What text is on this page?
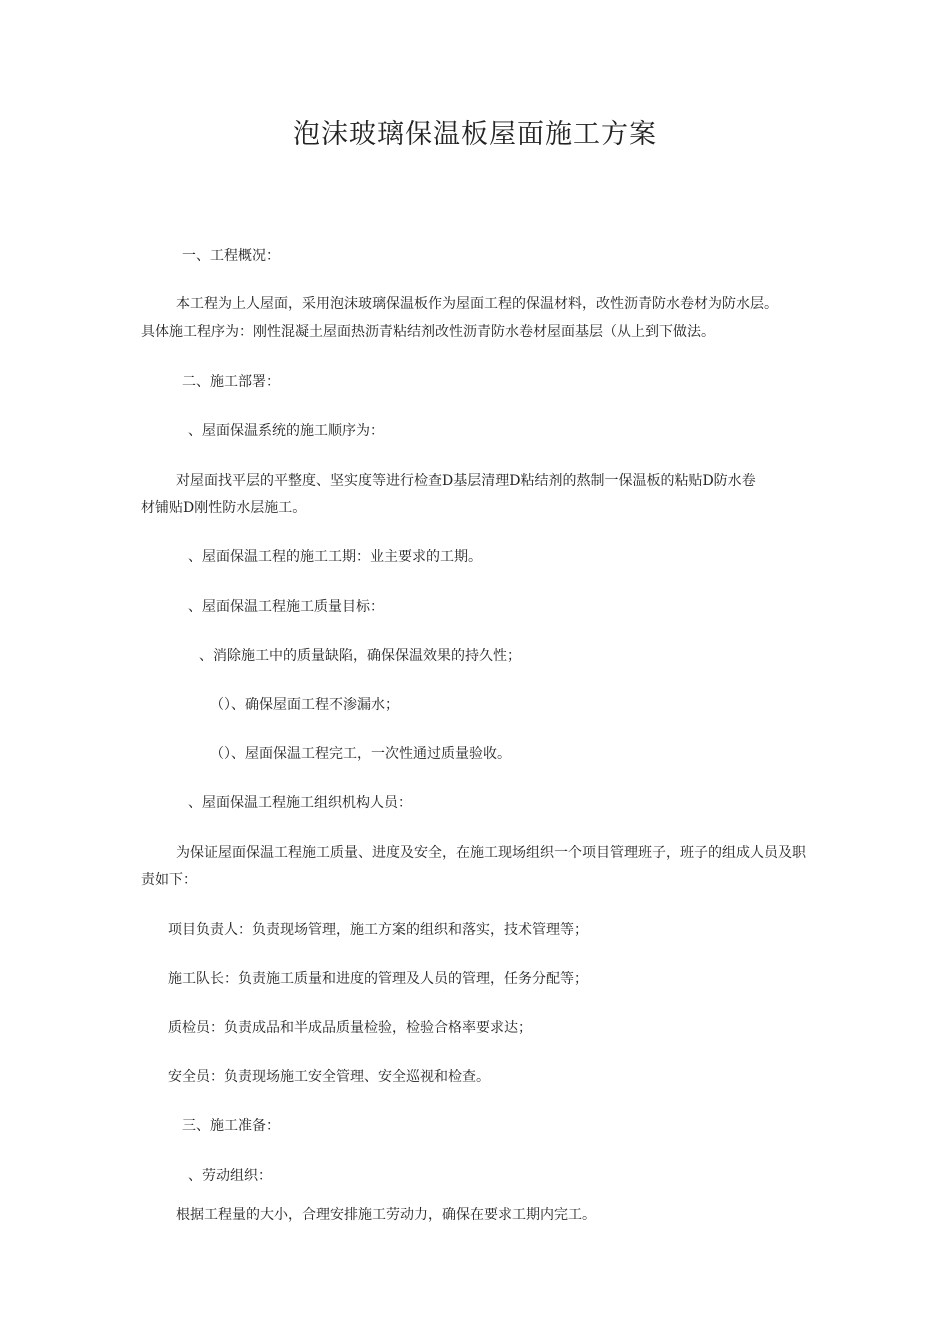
泡沫玻璃保温板屋面施工方案

一、工程概况：

本工程为上人屋面，采用泡沫玻璃保温板作为屋面工程的保温材料，改性沥青防水卷材为防水层。

具体施工程序为：刚性混凝土屋面热沥青粘结剂改性沥青防水卷材屋面基层（从上到下做法。

二、施工部署：

、屋面保温系统的施工顺序为：

对屋面找平层的平整度、坚实度等进行检查D基层清理D粘结剂的熬制一保温板的粘贴D防水卷

材铺贴D刚性防水层施工。

、屋面保温工程的施工工期：业主要求的工期。

、屋面保温工程施工质量目标：

、消除施工中的质量缺陷，确保保温效果的持久性；

（）、确保屋面工程不渗漏水；

（）、屋面保温工程完工，一次性通过质量验收。

、屋面保温工程施工组织机构人员：

为保证屋面保温工程施工质量、进度及安全，在施工现场组织一个项目管理班子，班子的组成人员及职

责如下：

项目负责人：负责现场管理，施工方案的组织和落实，技术管理等；

施工队长：负责施工质量和进度的管理及人员的管理，任务分配等；

质检员：负责成品和半成品质量检验，检验合格率要求达；

安全员：负责现场施工安全管理、安全巡视和检查。

三、施工准备：

、劳动组织：

根据工程量的大小，合理安排施工劳动力，确保在要求工期内完工。
